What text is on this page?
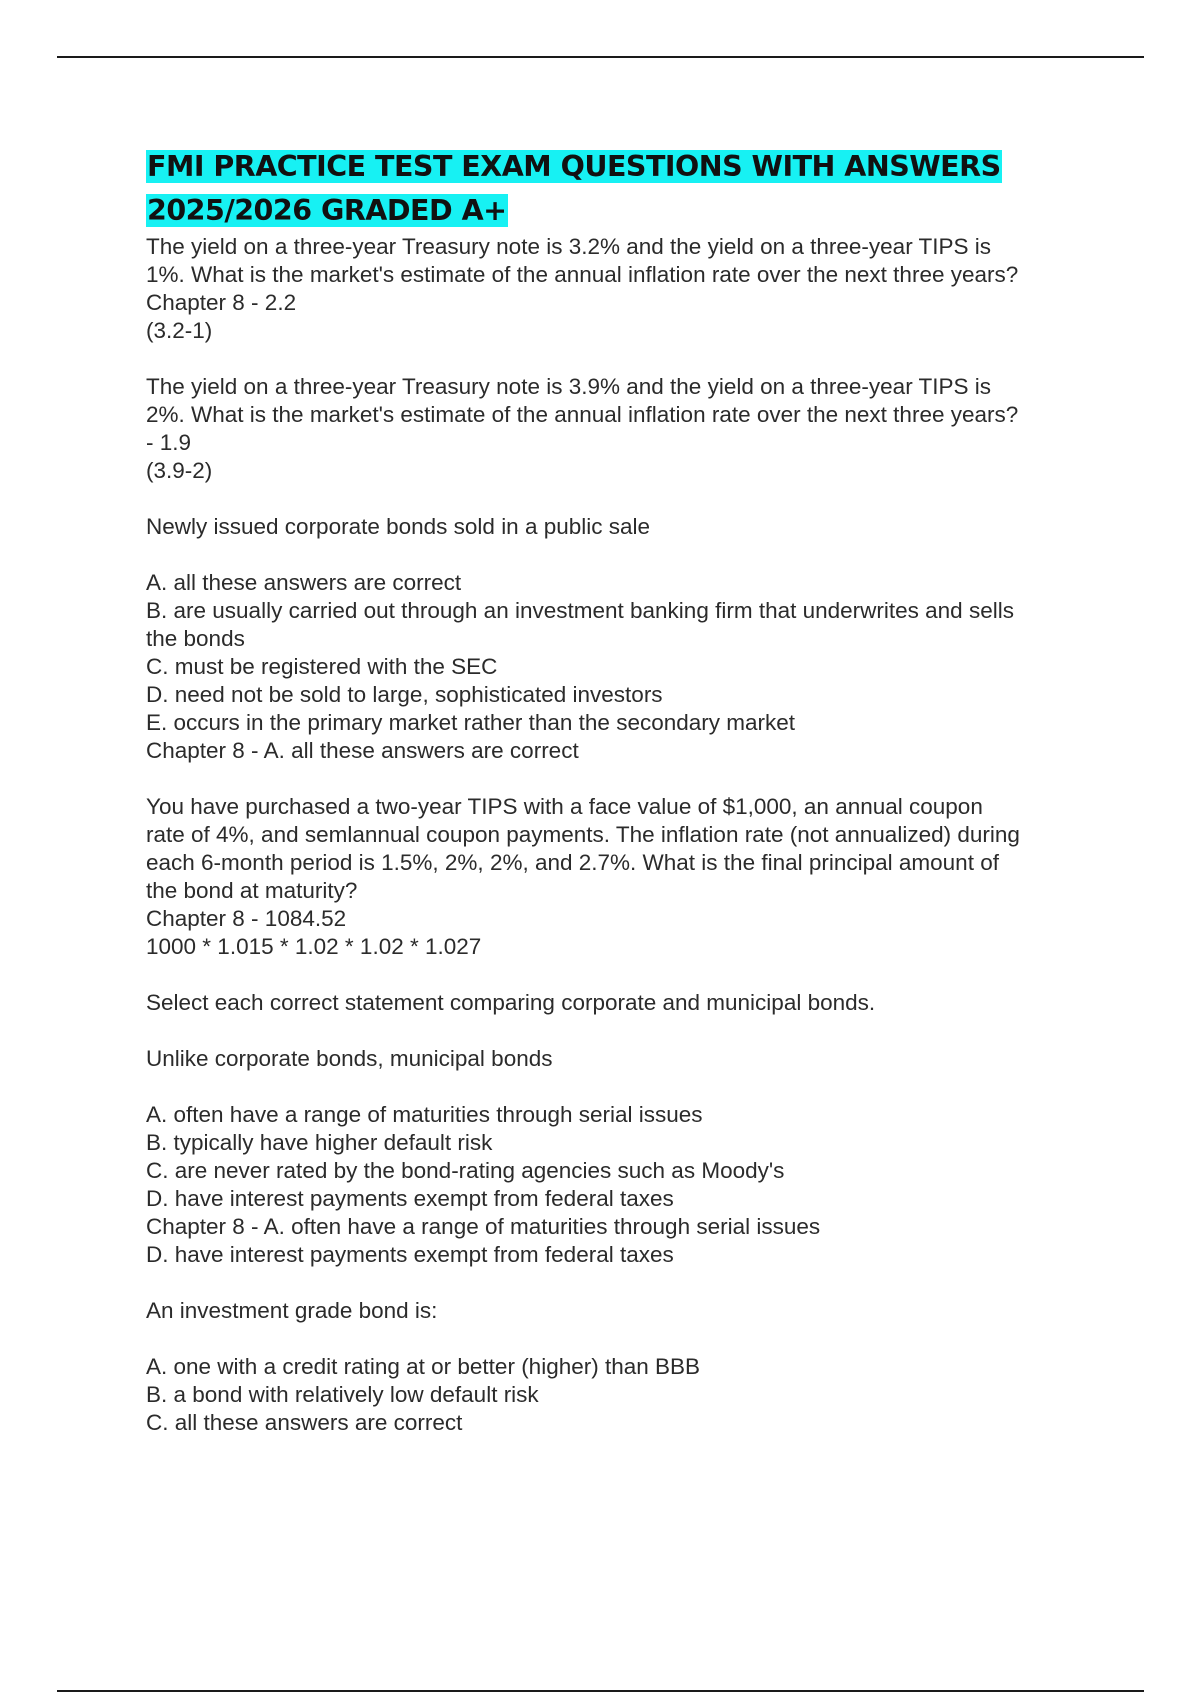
FMI PRACTICE TEST EXAM QUESTIONS WITH ANSWERS
2025/2026 GRADED A+
The yield on a three-year Treasury note is 3.2% and the yield on a three-year TIPS is
1%. What is the market's estimate of the annual inflation rate over the next three years?
Chapter 8 - 2.2
(3.2-1)
The yield on a three-year Treasury note is 3.9% and the yield on a three-year TIPS is
2%. What is the market's estimate of the annual inflation rate over the next three years?
- 1.9
(3.9-2)
Newly issued corporate bonds sold in a public sale
A. all these answers are correct
B. are usually carried out through an investment banking firm that underwrites and sells
the bonds
C. must be registered with the SEC
D. need not be sold to large, sophisticated investors
E. occurs in the primary market rather than the secondary market
Chapter 8 - A. all these answers are correct
You have purchased a two-year TIPS with a face value of $1,000, an annual coupon
rate of 4%, and semlannual coupon payments. The inflation rate (not annualized) during
each 6-month period is 1.5%, 2%, 2%, and 2.7%. What is the final principal amount of
the bond at maturity?
Chapter 8 - 1084.52
1000 * 1.015 * 1.02 * 1.02 * 1.027
Select each correct statement comparing corporate and municipal bonds.
Unlike corporate bonds, municipal bonds
A. often have a range of maturities through serial issues
B. typically have higher default risk
C. are never rated by the bond-rating agencies such as Moody's
D. have interest payments exempt from federal taxes
Chapter 8 - A. often have a range of maturities through serial issues
D. have interest payments exempt from federal taxes
An investment grade bond is:
A. one with a credit rating at or better (higher) than BBB
B. a bond with relatively low default risk
C. all these answers are correct
